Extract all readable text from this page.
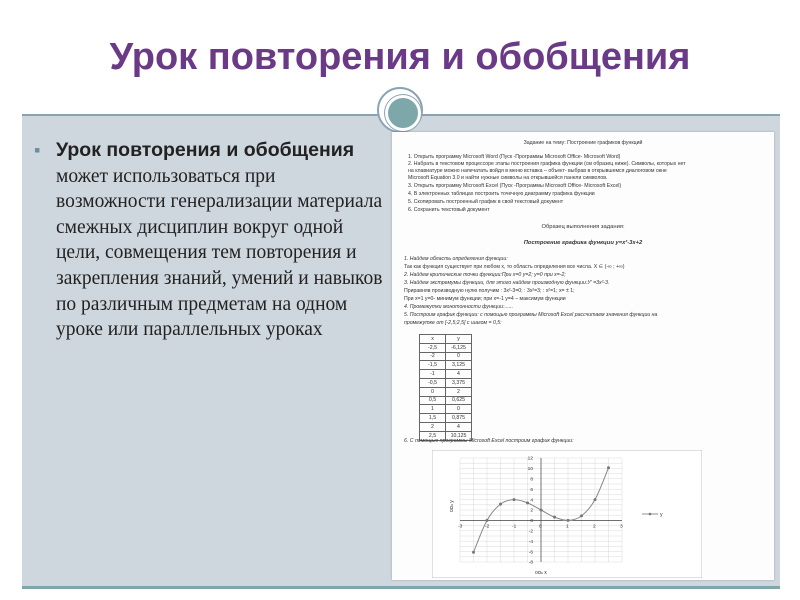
Урок повторения и обобщения
▪ Урок повторения и обобщения может использоваться при возможности генерализации материала смежных дисциплин вокруг одной цели, совмещения тем повторения и закрепления знаний, умений и навыков по различным предметам на одном уроке или параллельных уроках
Задание на тему: Построение графиков функций
1. Открыть программу Microsoft Word (Пуск -Программы Microsoft Office- Microsoft Word)
2. Набрать в текстовом процессоре этапы построения графика функции (см образец ниже). Символы, которых нет
на клавиатуре можно напечатать войдя в меню вставка – объект- выбрав в открывшемся диалоговом окне
Microsoft Equation 3.0 и найти нужные символы на открывшейся панели символов.
3. Открыть программу Microsoft Excel (Пуск -Программы Microsoft Office- Microsoft Excel)
4. В электронных таблицах построить точечную диаграмму графика функции
5. Скопировать построенный график в свой текстовый документ
6. Сохранить текстовый документ
Образец выполнения задания:
Построение графика функции y=x³-3x+2
1. Найдем область определения функции:
Так как функция существует при любом x, то область определения все числа. X ∈ (-∞ ; +∞)
2. Найдем критические точки функции:При x=0 y=2; y=0 при x=-2;
3. Найдем экстремумы функции, для этого найдем производную функции:У' =3x²-3.
Приравняв производную нулю получим : 3x²-3=0; : 3x²=3; : x²=1; x= ± 1;
При x=1 y=0- минимум функции; при x=-1 y=4 – максимум функции
4. Промежутки монотонности функции:......
5. Построим график функции: с помощью программы Microsoft Excel рассчитаем значения функции на
промежутке от [-2,5;2,5] с шагом = 0,5:
x	y
-2,5	-6,125
-2	0
-1,5	3,125
-1	4
-0,5	3,375
0	2
0,5	0,625
1	0
1,5	0,875
2	4
2,5	10,125
6. С помощью программы Microsoft Excel построим график функции:
-3	-2	-1	0	1	2	3
12
10
8
6
4
2
0
-2
-4
-6
-8
ось y
ось x
y
